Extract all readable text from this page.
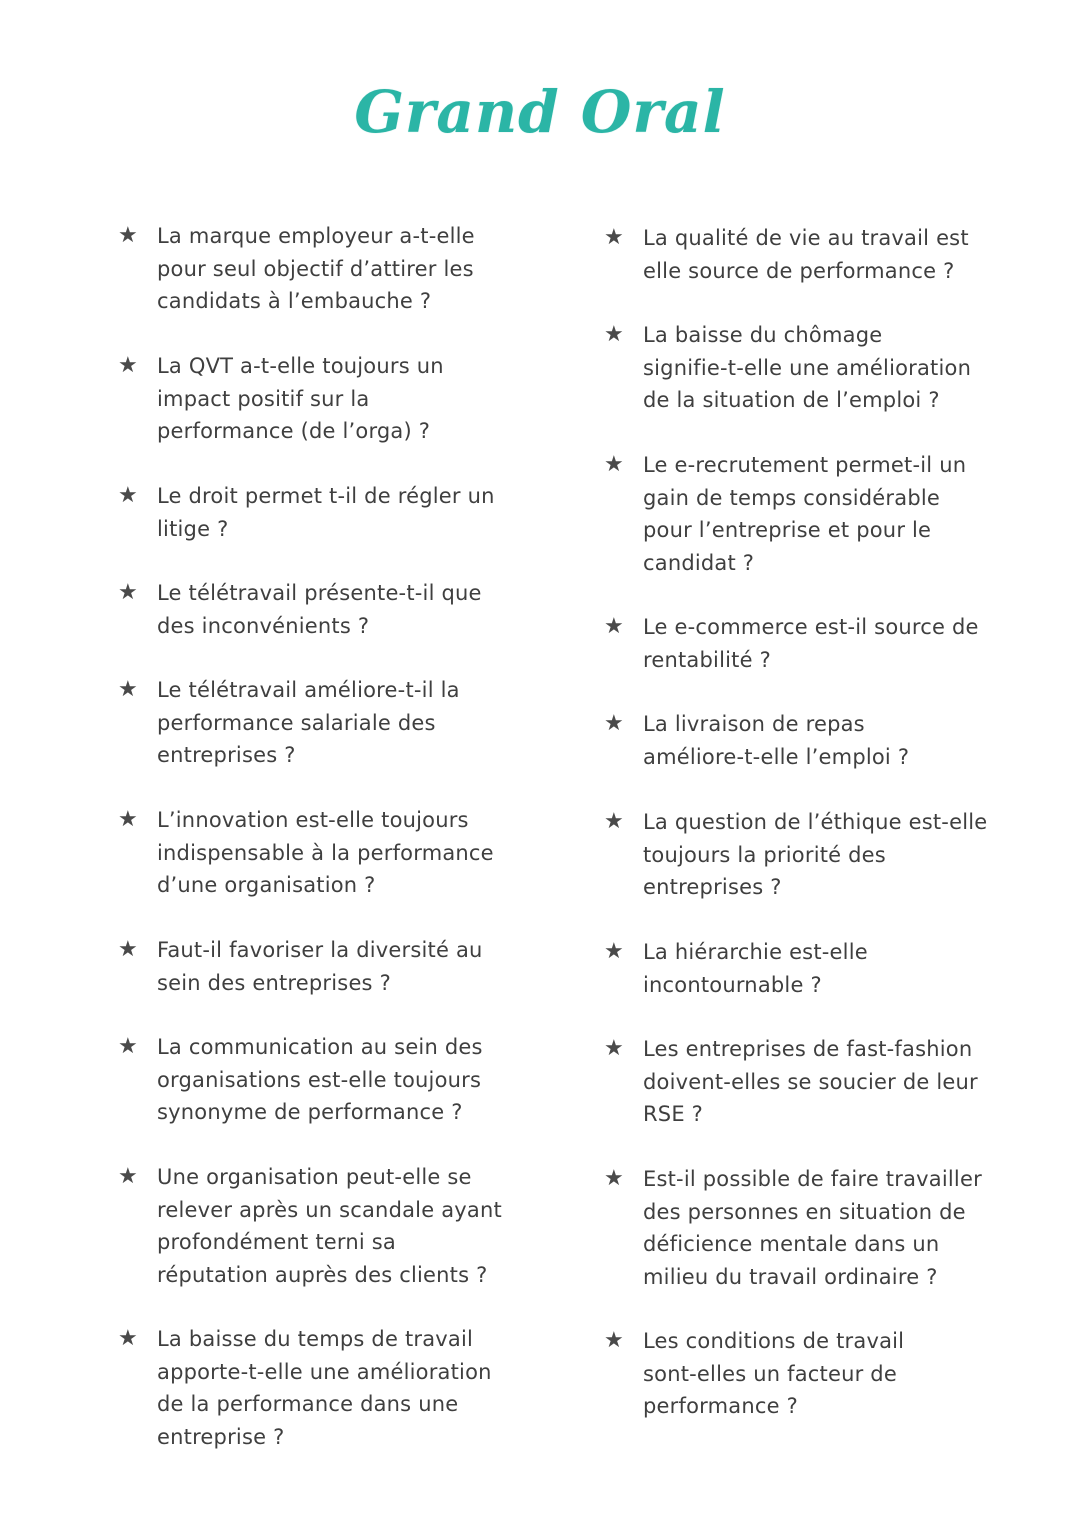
Grand Oral
★ La marque employeur a-t-elle
pour seul objectif d’attirer les
candidats à l’embauche ?
★ La QVT a-t-elle toujours un
impact positif sur la
performance (de l’orga) ?
★ Le droit permet t-il de régler un
litige ?
★ Le télétravail présente-t-il que
des inconvénients ?
★ Le télétravail améliore-t-il la
performance salariale des
entreprises ?
★ L’innovation est-elle toujours
indispensable à la performance
d’une organisation ?
★ Faut-il favoriser la diversité au
sein des entreprises ?
★ La communication au sein des
organisations est-elle toujours
synonyme de performance ?
★ Une organisation peut-elle se
relever après un scandale ayant
profondément terni sa
réputation auprès des clients ?
★ La baisse du temps de travail
apporte-t-elle une amélioration
de la performance dans une
entreprise ?
★ La qualité de vie au travail est
elle source de performance ?
★ La baisse du chômage
signifie-t-elle une amélioration
de la situation de l’emploi ?
★ Le e-recrutement permet-il un
gain de temps considérable
pour l’entreprise et pour le
candidat ?
★ Le e-commerce est-il source de
rentabilité ?
★ La livraison de repas
améliore-t-elle l’emploi ?
★ La question de l’éthique est-elle
toujours la priorité des
entreprises ?
★ La hiérarchie est-elle
incontournable ?
★ Les entreprises de fast-fashion
doivent-elles se soucier de leur
RSE ?
★ Est-il possible de faire travailler
des personnes en situation de
déficience mentale dans un
milieu du travail ordinaire ?
★ Les conditions de travail
sont-elles un facteur de
performance ?
